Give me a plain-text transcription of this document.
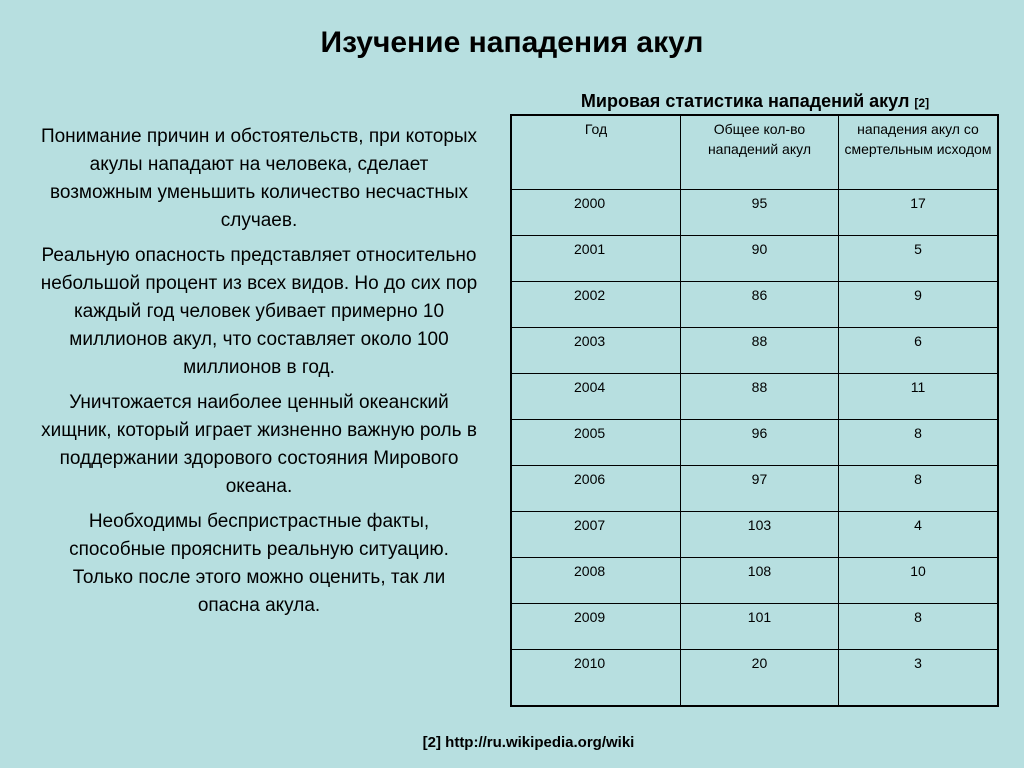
Изучение нападения акул

Понимание причин и обстоятельств, при которых акулы нападают на человека, сделает возможным уменьшить количество несчастных случаев.

Реальную опасность представляет относительно небольшой процент из всех видов. Но до сих пор каждый год человек убивает примерно 10 миллионов акул, что составляет около 100 миллионов в год.

Уничтожается наиболее ценный океанский хищник, который играет жизненно важную роль в поддержании здорового состояния Мирового океана.

Необходимы беспристрастные факты, способные прояснить реальную ситуацию. Только после этого можно оценить, так ли опасна акула.

Мировая статистика нападений акул [2]
Год	Общее кол-во нападений акул	нападения акул со смертельным исходом
2000	95	17
2001	90	5
2002	86	9
2003	88	6
2004	88	11
2005	96	8
2006	97	8
2007	103	4
2008	108	10
2009	101	8
2010	20	3
[2] http://ru.wikipedia.org/wiki
